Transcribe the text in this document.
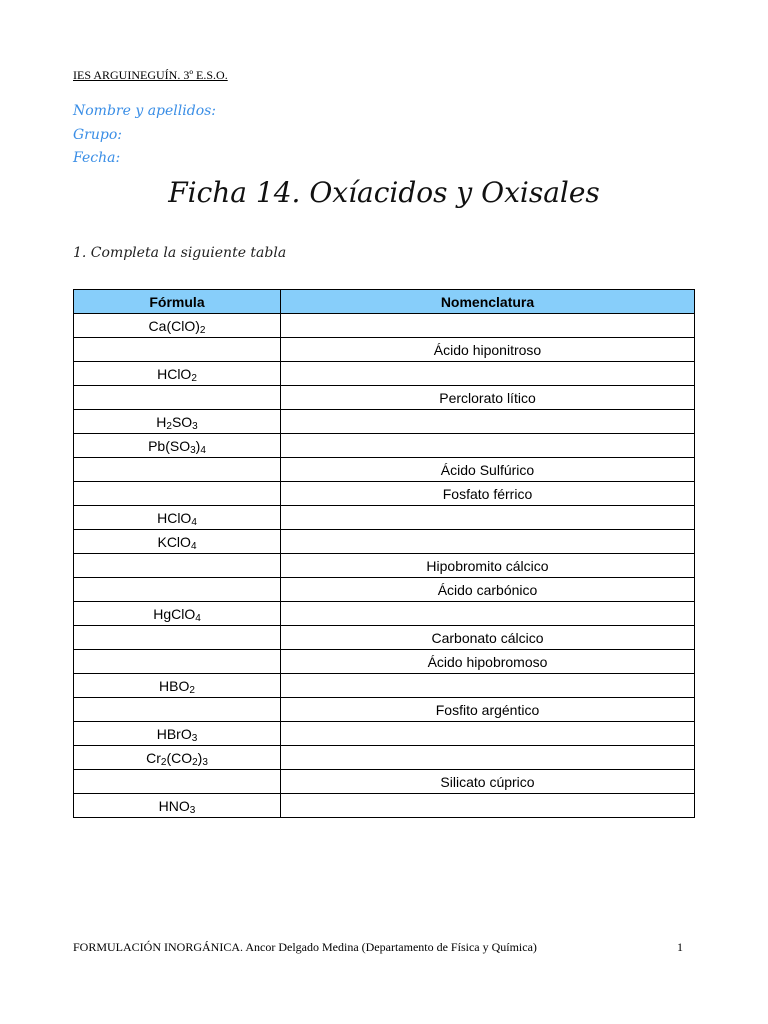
IES ARGUINEGUÍN. 3º E.S.O.
Nombre y apellidos:
Grupo:
Fecha:
Ficha 14. Oxíacidos y Oxisales
1. Completa la siguiente tabla
Fórmula	Nomenclatura
$Ca(ClO)_2$	
	Ácido hiponitroso
HClO$_2$	
	Perclorato lítico
$H_2SO_3$	
$Pb(SO_3)_4$	
	Ácido Sulfúrico
	Fosfato férrico
HClO$_4$	
KClO$_4$	
	Hipobromito cálcico
	Ácido carbónico
HgClO$_4$	
	Carbonato cálcico
	Ácido hipobromoso
$HBO_2$	
	Fosfito argéntico
HBrO$_3$	
$Cr_2(CO_2)_3$	
	Silicato cúprico
$HNO_3$	
FORMULACIÓN INORGÁNICA. Ancor Delgado Medina (Departamento de Física y Química)	1
